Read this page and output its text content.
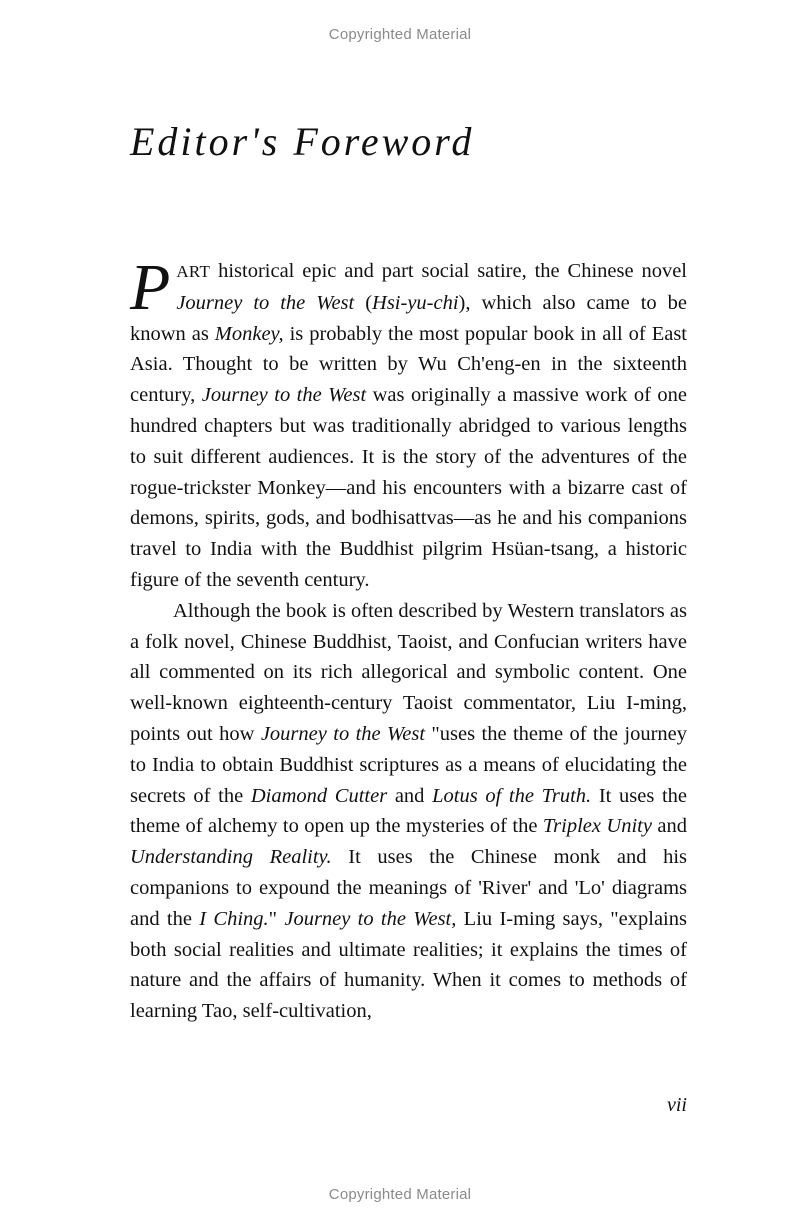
Copyrighted Material
Editor's Foreword

PART historical epic and part social satire, the Chinese novel Journey to the West (Hsi-yu-chi), which also came to be known as Monkey, is probably the most popular book in all of East Asia. Thought to be written by Wu Ch'eng-en in the sixteenth century, Journey to the West was originally a massive work of one hundred chapters but was traditionally abridged to various lengths to suit different audiences. It is the story of the adventures of the rogue-trickster Monkey—and his encounters with a bizarre cast of demons, spirits, gods, and bodhisattvas—as he and his companions travel to India with the Buddhist pilgrim Hsüan-tsang, a historic figure of the seventh century.

Although the book is often described by Western translators as a folk novel, Chinese Buddhist, Taoist, and Confucian writers have all commented on its rich allegorical and symbolic content. One well-known eighteenth-century Taoist commentator, Liu I-ming, points out how Journey to the West "uses the theme of the journey to India to obtain Buddhist scriptures as a means of elucidating the secrets of the Diamond Cutter and Lotus of the Truth. It uses the theme of alchemy to open up the mysteries of the Triplex Unity and Understanding Reality. It uses the Chinese monk and his companions to expound the meanings of 'River' and 'Lo' diagrams and the I Ching." Journey to the West, Liu I-ming says, "explains both social realities and ultimate realities; it explains the times of nature and the affairs of humanity. When it comes to methods of learning Tao, self-cultivation,

vii
Copyrighted Material
